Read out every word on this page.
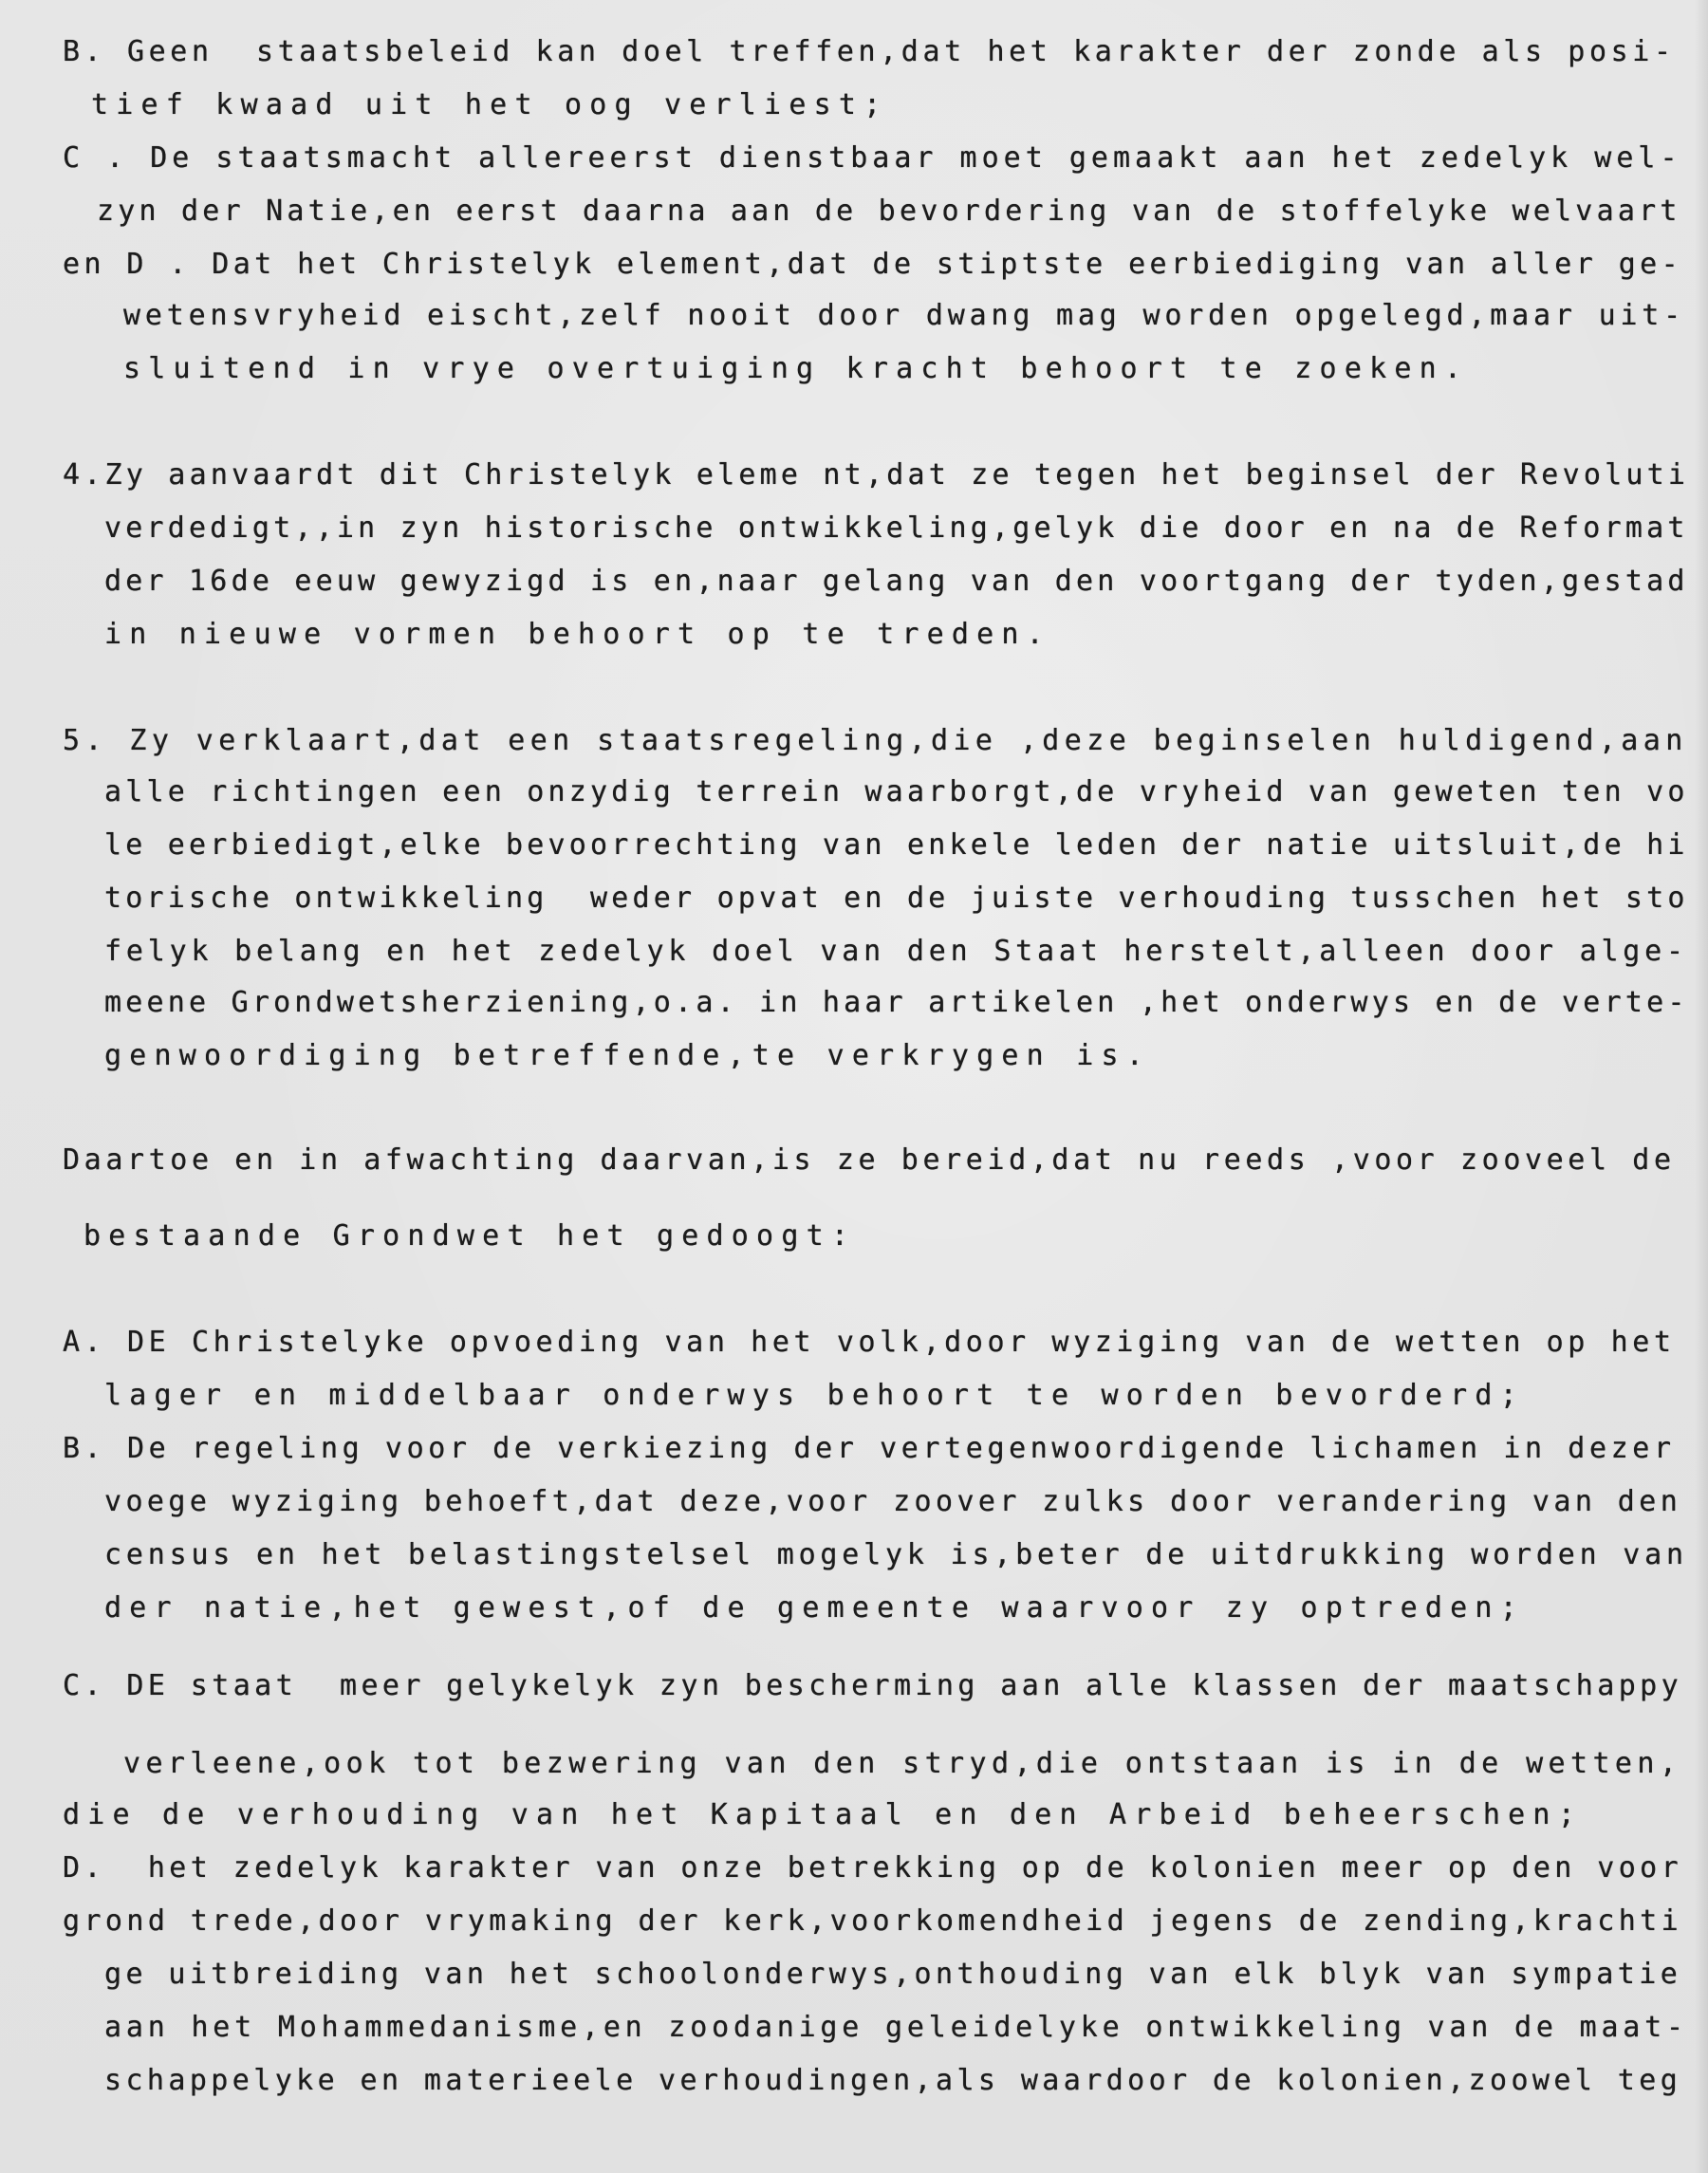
B. Geen  staatsbeleid kan doel treffen,dat het karakter der zonde als posi-
tief kwaad uit het oog verliest;
C . De staatsmacht allereerst dienstbaar moet gemaakt aan het zedelyk wel-
zyn der Natie,en eerst daarna aan de bevordering van de stoffelyke welvaart
en D . Dat het Christelyk element,dat de stiptste eerbiediging van aller ge-
wetensvryheid eischt,zelf nooit door dwang mag worden opgelegd,maar uit-
sluitend in vrye overtuiging kracht behoort te zoeken.
4.Zy aanvaardt dit Christelyk eleme nt,dat ze tegen het beginsel der Revoluti
verdedigt,,in zyn historische ontwikkeling,gelyk die door en na de Reformat
der 16de eeuw gewyzigd is en,naar gelang van den voortgang der tyden,gestad
in nieuwe vormen behoort op te treden.
5. Zy verklaart,dat een staatsregeling,die ,deze beginselen huldigend,aan
alle richtingen een onzydig terrein waarborgt,de vryheid van geweten ten vo
le eerbiedigt,elke bevoorrechting van enkele leden der natie uitsluit,de hi
torische ontwikkeling  weder opvat en de juiste verhouding tusschen het sto
felyk belang en het zedelyk doel van den Staat herstelt,alleen door alge-
meene Grondwetsherziening,o.a. in haar artikelen ,het onderwys en de verte-
genwoordiging betreffende,te verkrygen is.
Daartoe en in afwachting daarvan,is ze bereid,dat nu reeds ,voor zooveel de
bestaande Grondwet het gedoogt:
A. DE Christelyke opvoeding van het volk,door wyziging van de wetten op het
lager en middelbaar onderwys behoort te worden bevorderd;
B. De regeling voor de verkiezing der vertegenwoordigende lichamen in dezer
voege wyziging behoeft,dat deze,voor zoover zulks door verandering van den
census en het belastingstelsel mogelyk is,beter de uitdrukking worden van
der natie,het gewest,of de gemeente waarvoor zy optreden;
C. DE staat  meer gelykelyk zyn bescherming aan alle klassen der maatschappy
verleene,ook tot bezwering van den stryd,die ontstaan is in de wetten,
die de verhouding van het Kapitaal en den Arbeid beheerschen;
D.  het zedelyk karakter van onze betrekking op de kolonien meer op den voor
grond trede,door vrymaking der kerk,voorkomendheid jegens de zending,krachti
ge uitbreiding van het schoolonderwys,onthouding van elk blyk van sympatie
aan het Mohammedanisme,en zoodanige geleidelyke ontwikkeling van de maat-
schappelyke en materieele verhoudingen,als waardoor de kolonien,zoowel teg
